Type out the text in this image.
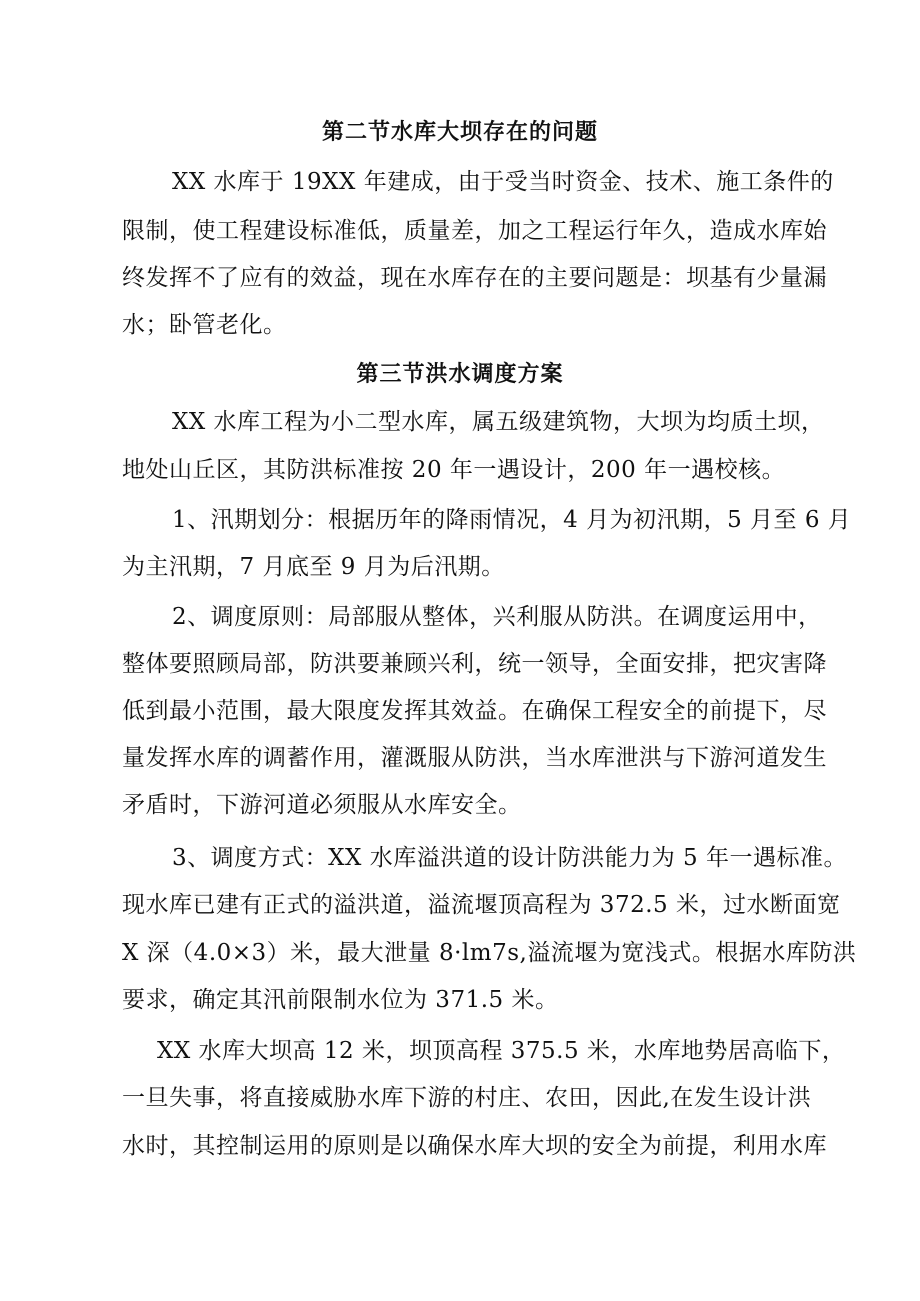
第二节水库大坝存在的问题
XX 水库于 19XX 年建成，由于受当时资金、技术、施工条件的
限制，使工程建设标准低，质量差，加之工程运行年久，造成水库始
终发挥不了应有的效益，现在水库存在的主要问题是：坝基有少量漏
水；卧管老化。
第三节洪水调度方案
XX 水库工程为小二型水库，属五级建筑物，大坝为均质土坝，
地处山丘区，其防洪标准按 20 年一遇设计，200 年一遇校核。
1、汛期划分：根据历年的降雨情况，4 月为初汛期，5 月至 6 月
为主汛期，7 月底至 9 月为后汛期。
2、调度原则：局部服从整体，兴利服从防洪。在调度运用中，
整体要照顾局部，防洪要兼顾兴利，统一领导，全面安排，把灾害降
低到最小范围，最大限度发挥其效益。在确保工程安全的前提下，尽
量发挥水库的调蓄作用，灌溉服从防洪，当水库泄洪与下游河道发生
矛盾时，下游河道必须服从水库安全。
3、调度方式：XX 水库溢洪道的设计防洪能力为 5 年一遇标准。
现水库已建有正式的溢洪道，溢流堰顶高程为 372.5 米，过水断面宽
X 深（4.0×3）米，最大泄量 8·lm7s,溢流堰为宽浅式。根据水库防洪
要求，确定其汛前限制水位为 371.5 米。
XX 水库大坝高 12 米，坝顶高程 375.5 米，水库地势居高临下，
一旦失事，将直接威胁水库下游的村庄、农田，因此,在发生设计洪
水时，其控制运用的原则是以确保水库大坝的安全为前提，利用水库
